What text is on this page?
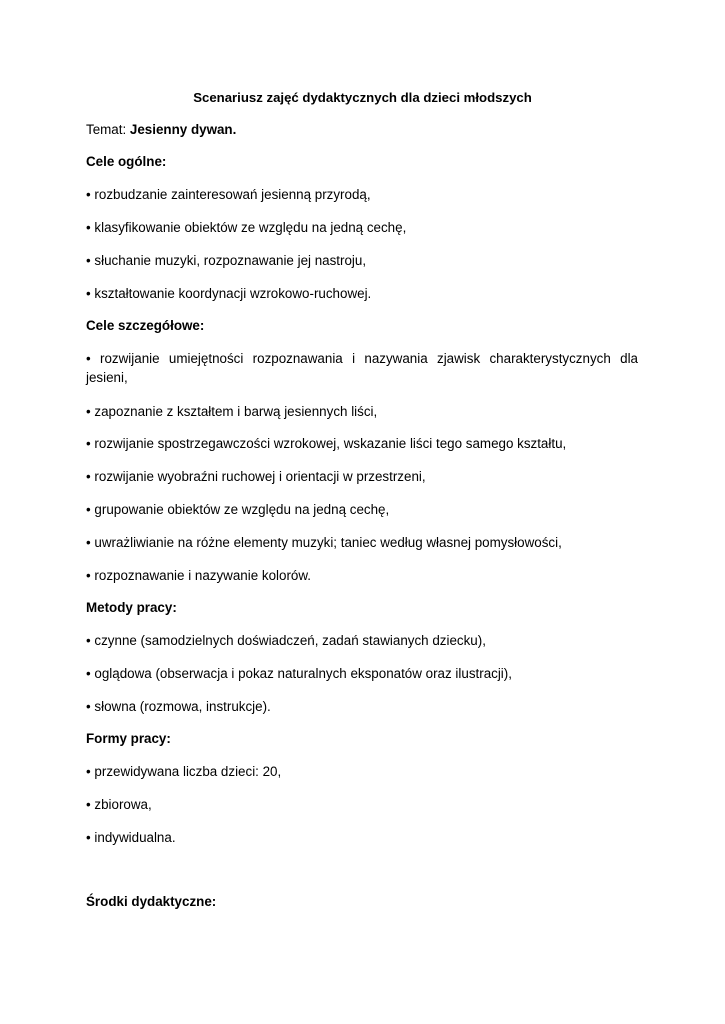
Scenariusz zajęć dydaktycznych dla dzieci młodszych
Temat: Jesienny dywan.
Cele ogólne:
• rozbudzanie zainteresowań jesienną przyrodą,
• klasyfikowanie obiektów ze względu na jedną cechę,
• słuchanie muzyki, rozpoznawanie jej nastroju,
• kształtowanie koordynacji wzrokowo-ruchowej.
Cele szczegółowe:
• rozwijanie umiejętności rozpoznawania i nazywania zjawisk charakterystycznych dla
jesieni,
• zapoznanie z kształtem i barwą jesiennych liści,
• rozwijanie spostrzegawczości wzrokowej, wskazanie liści tego samego kształtu,
• rozwijanie wyobraźni ruchowej i orientacji w przestrzeni,
• grupowanie obiektów ze względu na jedną cechę,
• uwrażliwianie na różne elementy muzyki; taniec według własnej pomysłowości,
• rozpoznawanie i nazywanie kolorów.
Metody pracy:
• czynne (samodzielnych doświadczeń, zadań stawianych dziecku),
• oglądowa (obserwacja i pokaz naturalnych eksponatów oraz ilustracji),
• słowna (rozmowa, instrukcje).
Formy pracy:
• przewidywana liczba dzieci: 20,
• zbiorowa,
• indywidualna.
Środki dydaktyczne:
